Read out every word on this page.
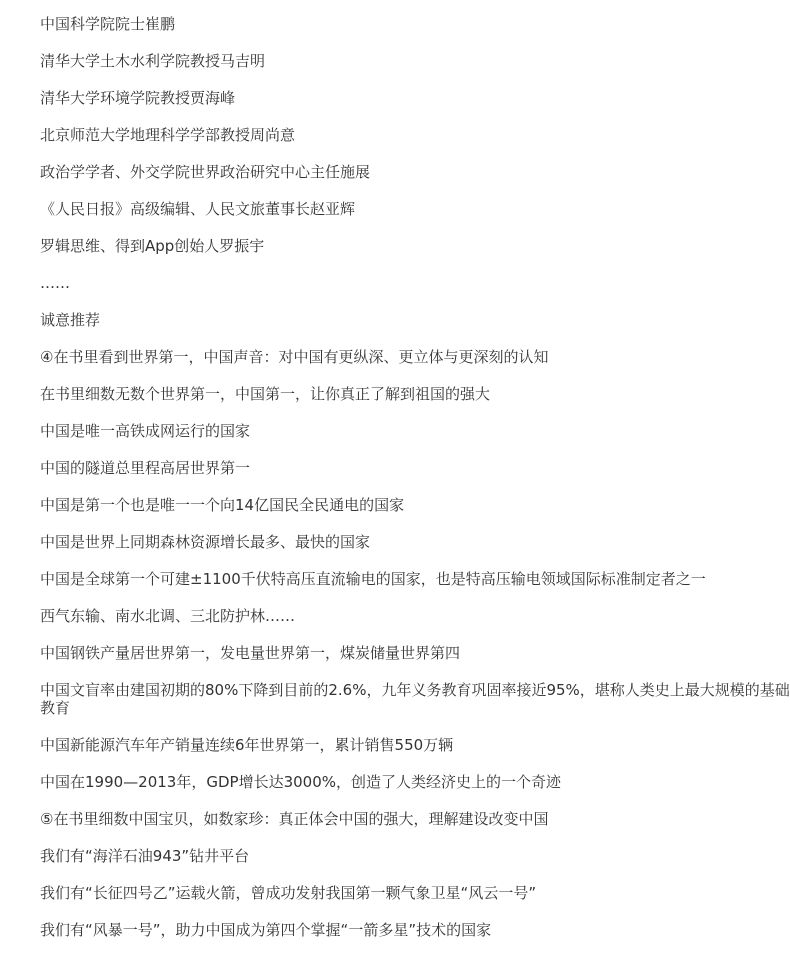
中国科学院院士崔鹏

清华大学土木水利学院教授马吉明

清华大学环境学院教授贾海峰

北京师范大学地理科学学部教授周尚意

政治学学者、外交学院世界政治研究中心主任施展

《人民日报》高级编辑、人民文旅董事长赵亚辉

罗辑思维、得到App创始人罗振宇

……

诚意推荐

④在书里看到世界第一，中国声音：对中国有更纵深、更立体与更深刻的认知

在书里细数无数个世界第一，中国第一，让你真正了解到祖国的强大

中国是唯一高铁成网运行的国家

中国的隧道总里程高居世界第一

中国是第一个也是唯一一个向14亿国民全民通电的国家

中国是世界上同期森林资源增长最多、最快的国家

中国是全球第一个可建±1100千伏特高压直流输电的国家，也是特高压输电领域国际标准制定者之一

西气东输、南水北调、三北防护林……

中国钢铁产量居世界第一，发电量世界第一，煤炭储量世界第四

中国文盲率由建国初期的80%下降到目前的2.6%，九年义务教育巩固率接近95%，堪称人类史上最大规模的基础教育

中国新能源汽车年产销量连续6年世界第一，累计销售550万辆

中国在1990—2013年，GDP增长达3000%，创造了人类经济史上的一个奇迹

⑤在书里细数中国宝贝，如数家珍：真正体会中国的强大，理解建设改变中国

我们有“海洋石油943”钻井平台

我们有“长征四号乙”运载火箭，曾成功发射我国第一颗气象卫星“风云一号”

我们有“风暴一号”，助力中国成为第四个掌握“一箭多星”技术的国家
